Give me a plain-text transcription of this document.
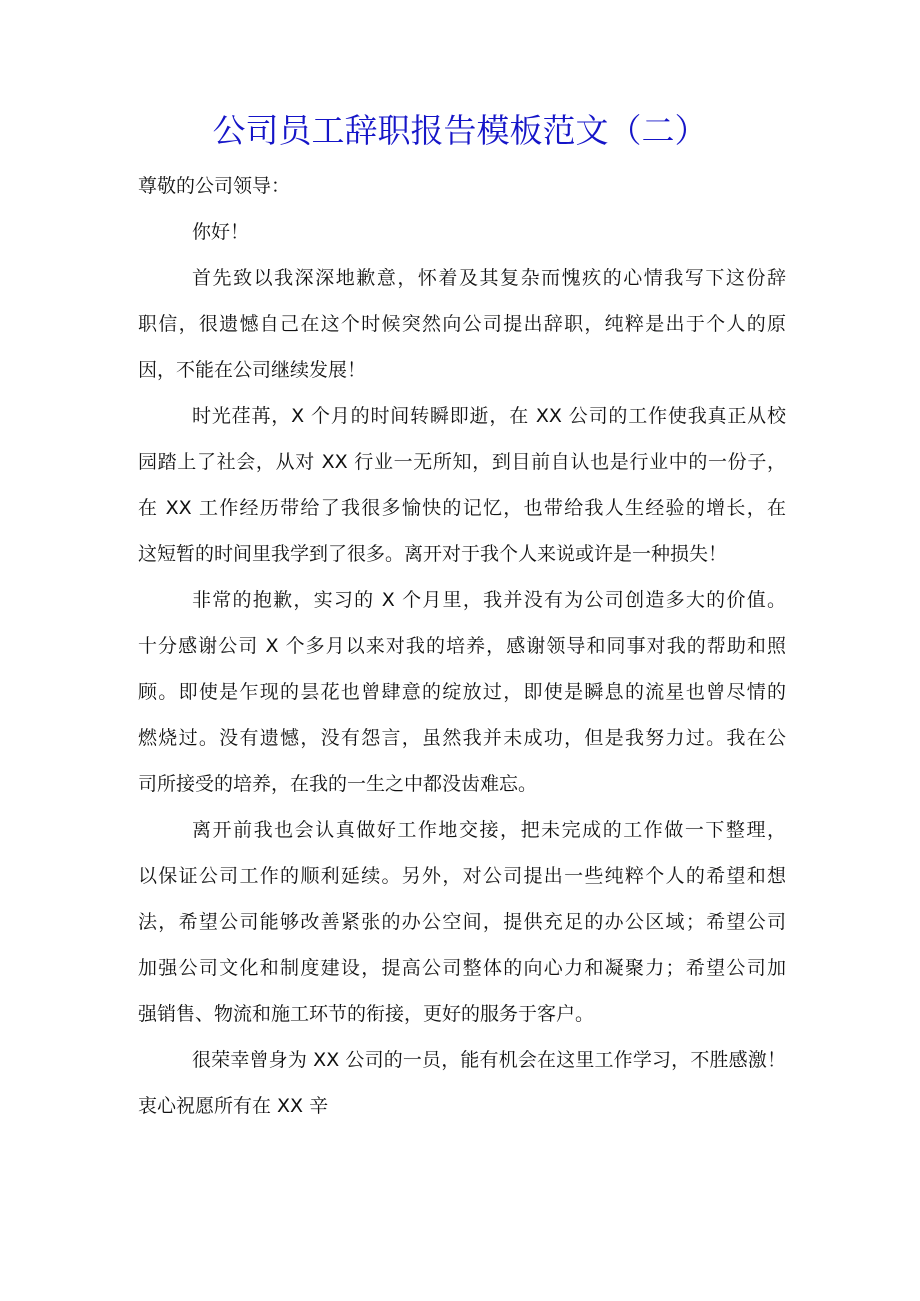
公司员工辞职报告模板范文（二）
尊敬的公司领导：
你好！
首先致以我深深地歉意，怀着及其复杂而愧疚的心情我写下这份辞
职信，很遗憾自己在这个时候突然向公司提出辞职，纯粹是出于个人的原
因，不能在公司继续发展！
时光荏苒，X 个月的时间转瞬即逝，在 XX 公司的工作使我真正从校
园踏上了社会，从对 XX 行业一无所知，到目前自认也是行业中的一份子，
在 XX 工作经历带给了我很多愉快的记忆，也带给我人生经验的增长，在
这短暂的时间里我学到了很多。离开对于我个人来说或许是一种损失！
非常的抱歉，实习的 X 个月里，我并没有为公司创造多大的价值。
十分感谢公司 X 个多月以来对我的培养，感谢领导和同事对我的帮助和照
顾。即使是乍现的昙花也曾肆意的绽放过，即使是瞬息的流星也曾尽情的
燃烧过。没有遗憾，没有怨言，虽然我并未成功，但是我努力过。我在公
司所接受的培养，在我的一生之中都没齿难忘。
离开前我也会认真做好工作地交接，把未完成的工作做一下整理，
以保证公司工作的顺利延续。另外，对公司提出一些纯粹个人的希望和想
法，希望公司能够改善紧张的办公空间，提供充足的办公区域；希望公司
加强公司文化和制度建设，提高公司整体的向心力和凝聚力；希望公司加
强销售、物流和施工环节的衔接，更好的服务于客户。
很荣幸曾身为 XX 公司的一员，能有机会在这里工作学习，不胜感激！
衷心祝愿所有在 XX 辛
